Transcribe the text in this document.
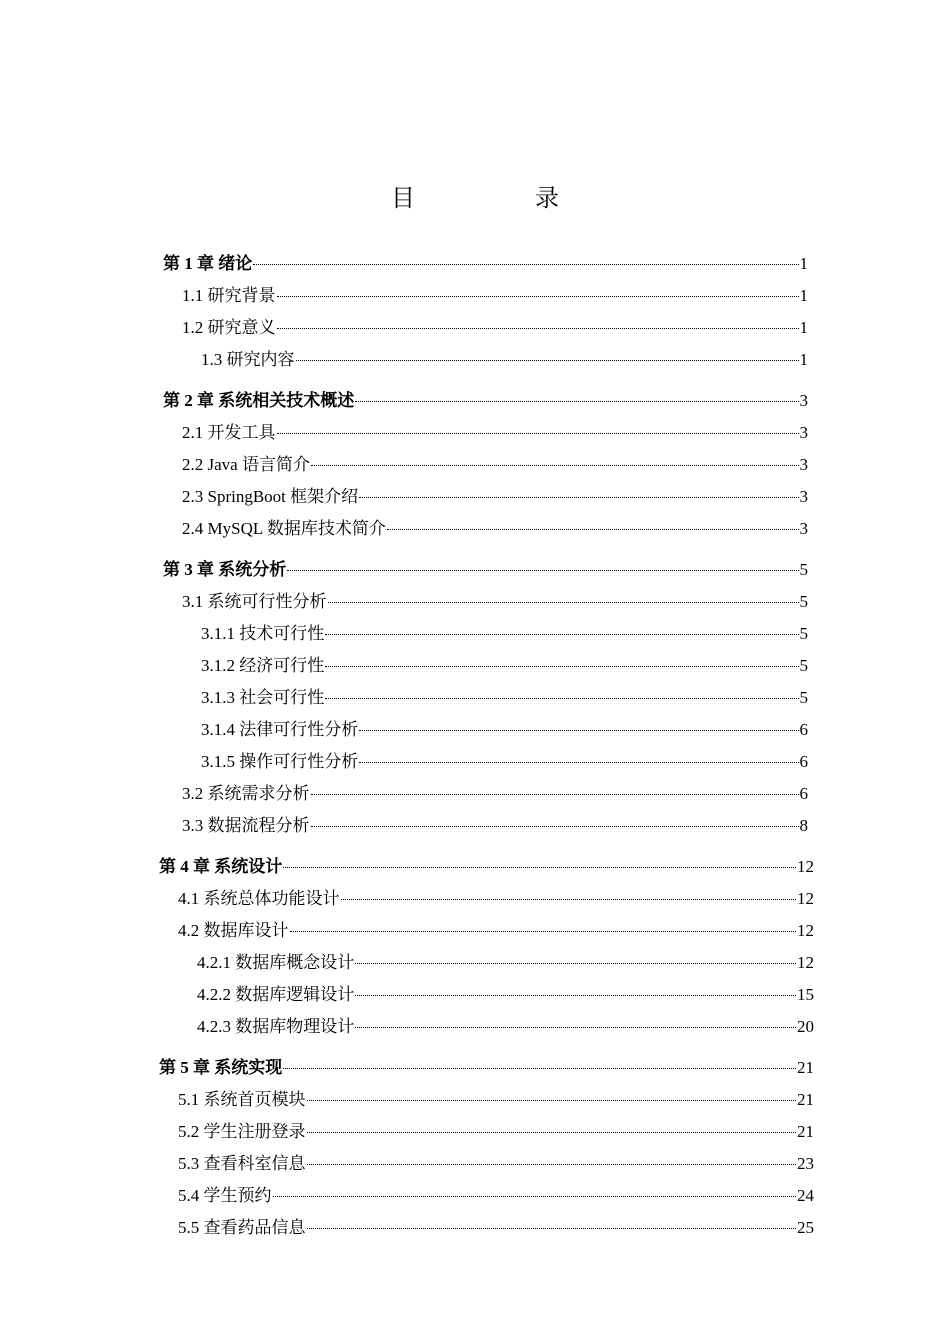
目　录
第 1 章 绪论	1
1.1 研究背景	1
1.2 研究意义	1
1.3 研究内容	1
第 2 章 系统相关技术概述	3
2.1 开发工具	3
2.2 Java 语言简介	3
2.3 SpringBoot 框架介绍	3
2.4 MySQL 数据库技术简介	3
第 3 章 系统分析	5
3.1 系统可行性分析	5
3.1.1 技术可行性	5
3.1.2 经济可行性	5
3.1.3 社会可行性	5
3.1.4 法律可行性分析	6
3.1.5 操作可行性分析	6
3.2 系统需求分析	6
3.3 数据流程分析	8
第 4 章 系统设计	12
4.1 系统总体功能设计	12
4.2 数据库设计	12
4.2.1 数据库概念设计	12
4.2.2 数据库逻辑设计	15
4.2.3 数据库物理设计	20
第 5 章 系统实现	21
5.1 系统首页模块	21
5.2 学生注册登录	21
5.3 查看科室信息	23
5.4 学生预约	24
5.5 查看药品信息	25
